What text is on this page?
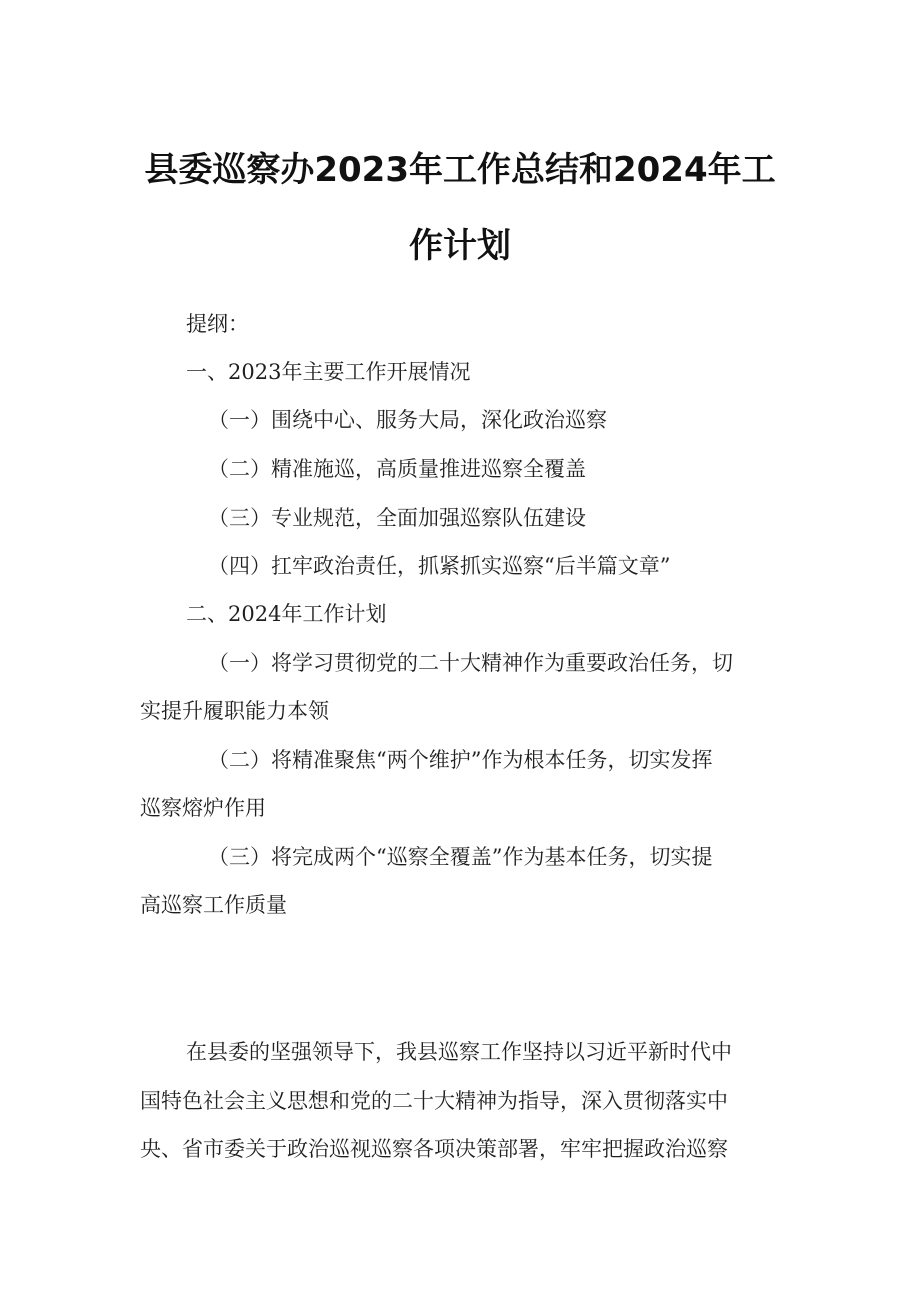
县委巡察办2023年工作总结和2024年工
作计划

提纲：

一、2023年主要工作开展情况

（一）围绕中心、服务大局，深化政治巡察

（二）精准施巡，高质量推进巡察全覆盖

（三）专业规范，全面加强巡察队伍建设

（四）扛牢政治责任，抓紧抓实巡察“后半篇文章”

二、2024年工作计划

（一）将学习贯彻党的二十大精神作为重要政治任务，切

实提升履职能力本领

（二）将精准聚焦“两个维护”作为根本任务，切实发挥

巡察熔炉作用

（三）将完成两个“巡察全覆盖”作为基本任务，切实提

高巡察工作质量

在县委的坚强领导下，我县巡察工作坚持以习近平新时代中

国特色社会主义思想和党的二十大精神为指导，深入贯彻落实中

央、省市委关于政治巡视巡察各项决策部署，牢牢把握政治巡察
